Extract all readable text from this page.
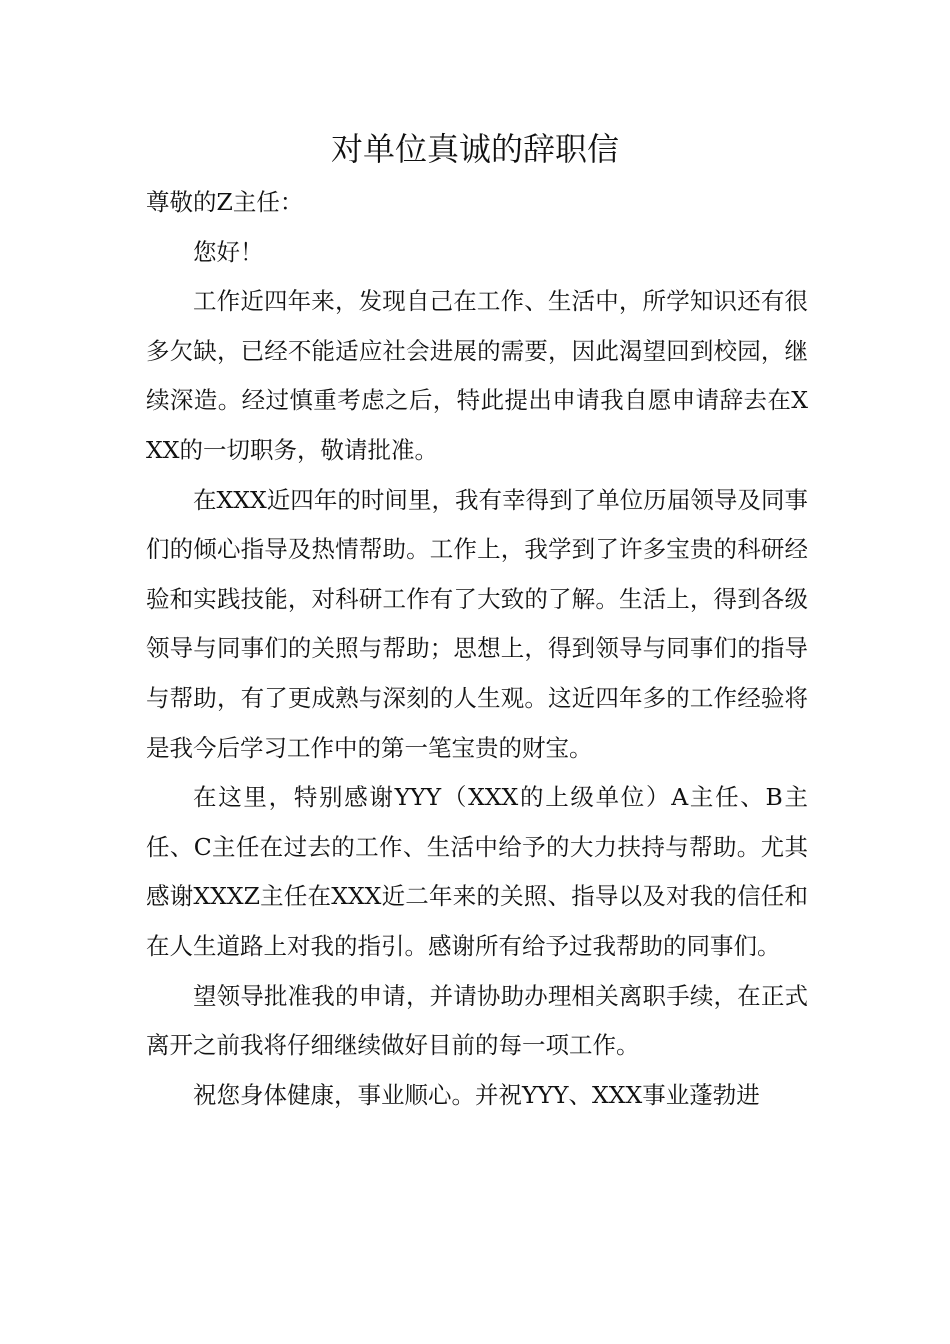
对单位真诚的辞职信

尊敬的Z主任：

您好！

工作近四年来，发现自己在工作、生活中，所学知识还有很多欠缺，已经不能适应社会进展的需要，因此渴望回到校园，继续深造。经过慎重考虑之后，特此提出申请我自愿申请辞去在XXX的一切职务，敬请批准。

在XXX近四年的时间里，我有幸得到了单位历届领导及同事们的倾心指导及热情帮助。工作上，我学到了许多宝贵的科研经验和实践技能，对科研工作有了大致的了解。生活上，得到各级领导与同事们的关照与帮助；思想上，得到领导与同事们的指导与帮助，有了更成熟与深刻的人生观。这近四年多的工作经验将是我今后学习工作中的第一笔宝贵的财宝。

在这里，特别感谢YYY（XXX的上级单位）A主任、B主任、C主任在过去的工作、生活中给予的大力扶持与帮助。尤其感谢XXXZ主任在XXX近二年来的关照、指导以及对我的信任和在人生道路上对我的指引。感谢所有给予过我帮助的同事们。

望领导批准我的申请，并请协助办理相关离职手续，在正式离开之前我将仔细继续做好目前的每一项工作。

祝您身体健康，事业顺心。并祝YYY、XXX事业蓬勃进
